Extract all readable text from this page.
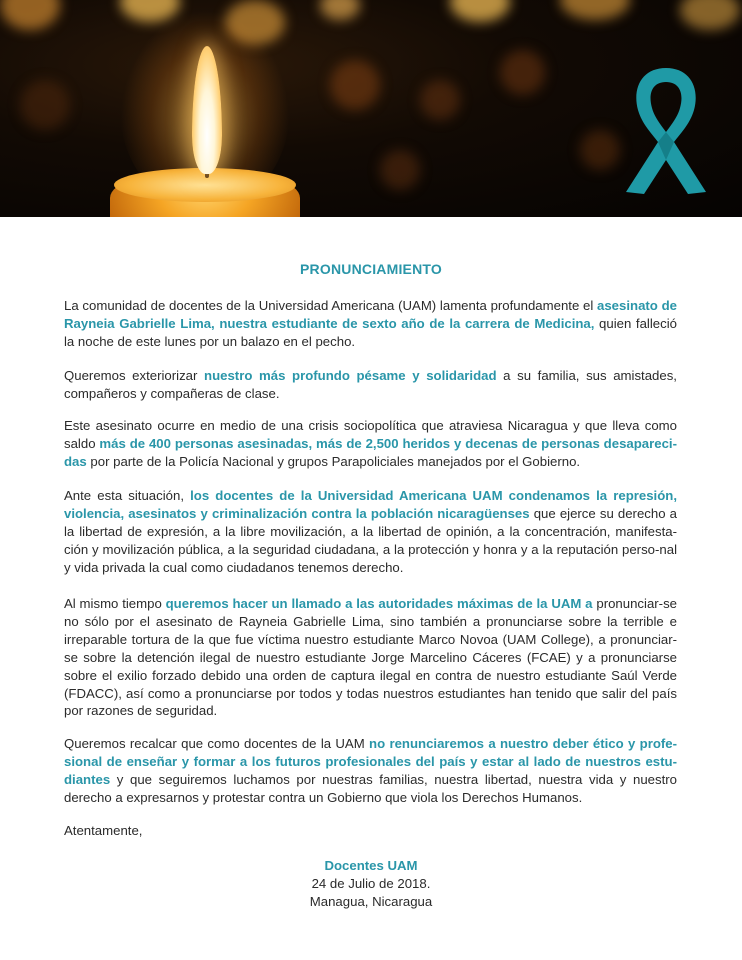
PRONUNCIAMIENTO

La comunidad de docentes de la Universidad Americana (UAM) lamenta profundamente el asesinato de Rayneia Gabrielle Lima, nuestra estudiante de sexto año de la carrera de Medicina, quien falleció la noche de este lunes por un balazo en el pecho.

Queremos exteriorizar nuestro más profundo pésame y solidaridad a su familia, sus amistades, compañeros y compañeras de clase.

Este asesinato ocurre en medio de una crisis sociopolítica que atraviesa Nicaragua y que lleva como saldo más de 400 personas asesinadas, más de 2,500 heridos y decenas de personas desapareci-das por parte de la Policía Nacional y grupos Parapoliciales manejados por el Gobierno.

Ante esta situación, los docentes de la Universidad Americana UAM condenamos la represión, violencia, asesinatos y criminalización contra la población nicaragüenses que ejerce su derecho a la libertad de expresión, a la libre movilización, a la libertad de opinión, a la concentración, manifesta-ción y movilización pública, a la seguridad ciudadana, a la protección y honra y a la reputación perso-nal y vida privada la cual como ciudadanos tenemos derecho.

Al mismo tiempo queremos hacer un llamado a las autoridades máximas de la UAM a pronunciar-se no sólo por el asesinato de Rayneia Gabrielle Lima, sino también a pronunciarse sobre la terrible e irreparable tortura de la que fue víctima nuestro estudiante Marco Novoa (UAM College), a pronunciar-se sobre la detención ilegal de nuestro estudiante Jorge Marcelino Cáceres (FCAE) y a pronunciarse sobre el exilio forzado debido una orden de captura ilegal en contra de nuestro estudiante Saúl Verde (FDACC), así como a pronunciarse por todos y todas nuestros estudiantes han tenido que salir del país por razones de seguridad.

Queremos recalcar que como docentes de la UAM no renunciaremos a nuestro deber ético y profe-sional de enseñar y formar a los futuros profesionales del país y estar al lado de nuestros estu-diantes y que seguiremos luchamos por nuestras familias, nuestra libertad, nuestra vida y nuestro derecho a expresarnos y protestar contra un Gobierno que viola los Derechos Humanos.

Atentamente,

Docentes UAM
24 de Julio de 2018.
Managua, Nicaragua
